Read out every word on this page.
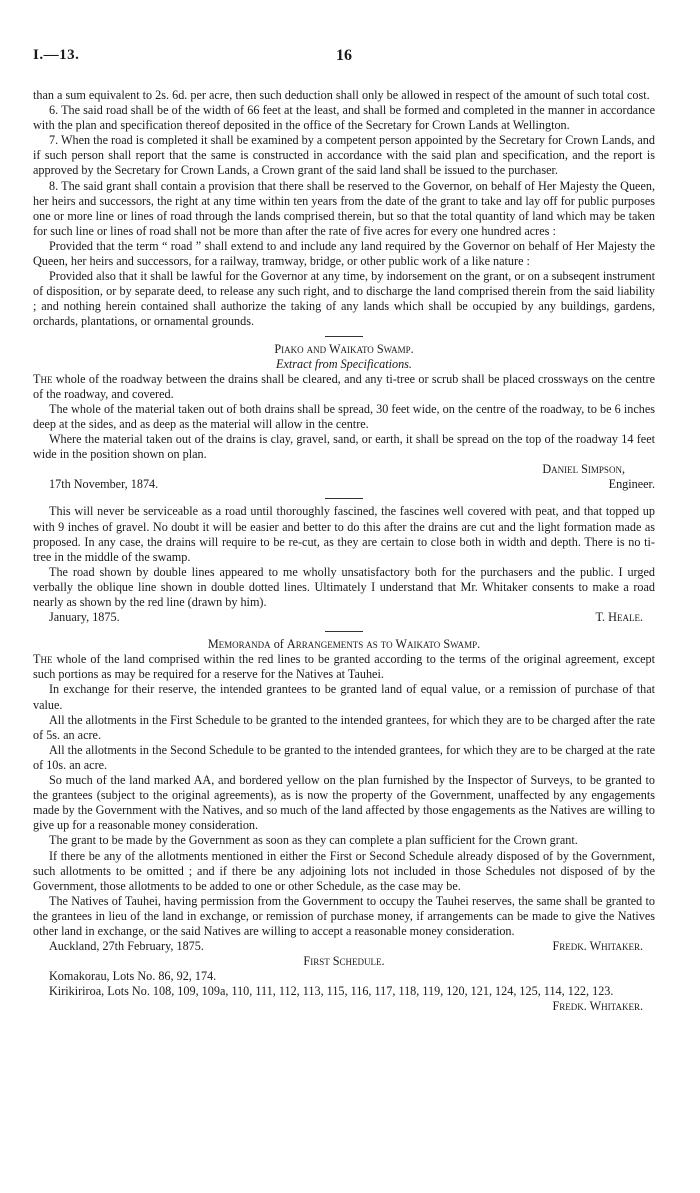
I.—13.	16

than a sum equivalent to 2s. 6d. per acre, then such deduction shall only be allowed in respect of the amount of such total cost.

6. The said road shall be of the width of 66 feet at the least, and shall be formed and completed in the manner in accordance with the plan and specification thereof deposited in the office of the Secretary for Crown Lands at Wellington.

7. When the road is completed it shall be examined by a competent person appointed by the Secretary for Crown Lands, and if such person shall report that the same is constructed in accordance with the said plan and specification, and the report is approved by the Secretary for Crown Lands, a Crown grant of the said land shall be issued to the purchaser.

8. The said grant shall contain a provision that there shall be reserved to the Governor, on behalf of Her Majesty the Queen, her heirs and successors, the right at any time within ten years from the date of the grant to take and lay off for public purposes one or more line or lines of road through the lands comprised therein, but so that the total quantity of land which may be taken for such line or lines of road shall not be more than after the rate of five acres for every one hundred acres :

Provided that the term “ road ” shall extend to and include any land required by the Governor on behalf of Her Majesty the Queen, her heirs and successors, for a railway, tramway, bridge, or other public work of a like nature :

Provided also that it shall be lawful for the Governor at any time, by indorsement on the grant, or on a subseqent instrument of disposition, or by separate deed, to release any such right, and to discharge the land comprised therein from the said liability ; and nothing herein contained shall authorize the taking of any lands which shall be occupied by any buildings, gardens, orchards, plantations, or ornamental grounds.

Piako and Waikato Swamp.
Extract from Specifications.

The whole of the roadway between the drains shall be cleared, and any ti-tree or scrub shall be placed crossways on the centre of the roadway, and covered.

The whole of the material taken out of both drains shall be spread, 30 feet wide, on the centre of the roadway, to be 6 inches deep at the sides, and as deep as the material will allow in the centre.

Where the material taken out of the drains is clay, gravel, sand, or earth, it shall be spread on the top of the roadway 14 feet wide in the position shown on plan.

Daniel Simpson,
17th November, 1874.	Engineer.

This will never be serviceable as a road until thoroughly fascined, the fascines well covered with peat, and that topped up with 9 inches of gravel. No doubt it will be easier and better to do this after the drains are cut and the light formation made as proposed. In any case, the drains will require to be re-cut, as they are certain to close both in width and depth. There is no ti-tree in the middle of the swamp.

The road shown by double lines appeared to me wholly unsatisfactory both for the purchasers and the public. I urged verbally the oblique line shown in double dotted lines. Ultimately I understand that Mr. Whitaker consents to make a road nearly as shown by the red line (drawn by him).

January, 1875.	T. Heale.
Memoranda of Arrangements as to Waikato Swamp.

The whole of the land comprised within the red lines to be granted according to the terms of the original agreement, except such portions as may be required for a reserve for the Natives at Tauhei.

In exchange for their reserve, the intended grantees to be granted land of equal value, or a remission of purchase of that value.

All the allotments in the First Schedule to be granted to the intended grantees, for which they are to be charged after the rate of 5s. an acre.

All the allotments in the Second Schedule to be granted to the intended grantees, for which they are to be charged at the rate of 10s. an acre.

So much of the land marked AA, and bordered yellow on the plan furnished by the Inspector of Surveys, to be granted to the grantees (subject to the original agreements), as is now the property of the Government, unaffected by any engagements made by the Government with the Natives, and so much of the land affected by those engagements as the Natives are willing to give up for a reasonable money consideration.

The grant to be made by the Government as soon as they can complete a plan sufficient for the Crown grant.

If there be any of the allotments mentioned in either the First or Second Schedule already disposed of by the Government, such allotments to be omitted ; and if there be any adjoining lots not included in those Schedules not disposed of by the Government, those allotments to be added to one or other Schedule, as the case may be.

The Natives of Tauhei, having permission from the Government to occupy the Tauhei reserves, the same shall be granted to the grantees in lieu of the land in exchange, or remission of purchase money, if arrangements can be made to give the Natives other land in exchange, or the said Natives are willing to accept a reasonable money consideration.

Auckland, 27th February, 1875.	Fredk. Whitaker.
First Schedule.

Komakorau, Lots No. 86, 92, 174.

Kirikiriroa, Lots No. 108, 109, 109a, 110, 111, 112, 113, 115, 116, 117, 118, 119, 120, 121, 124, 125, 114, 122, 123.

Fredk. Whitaker.
